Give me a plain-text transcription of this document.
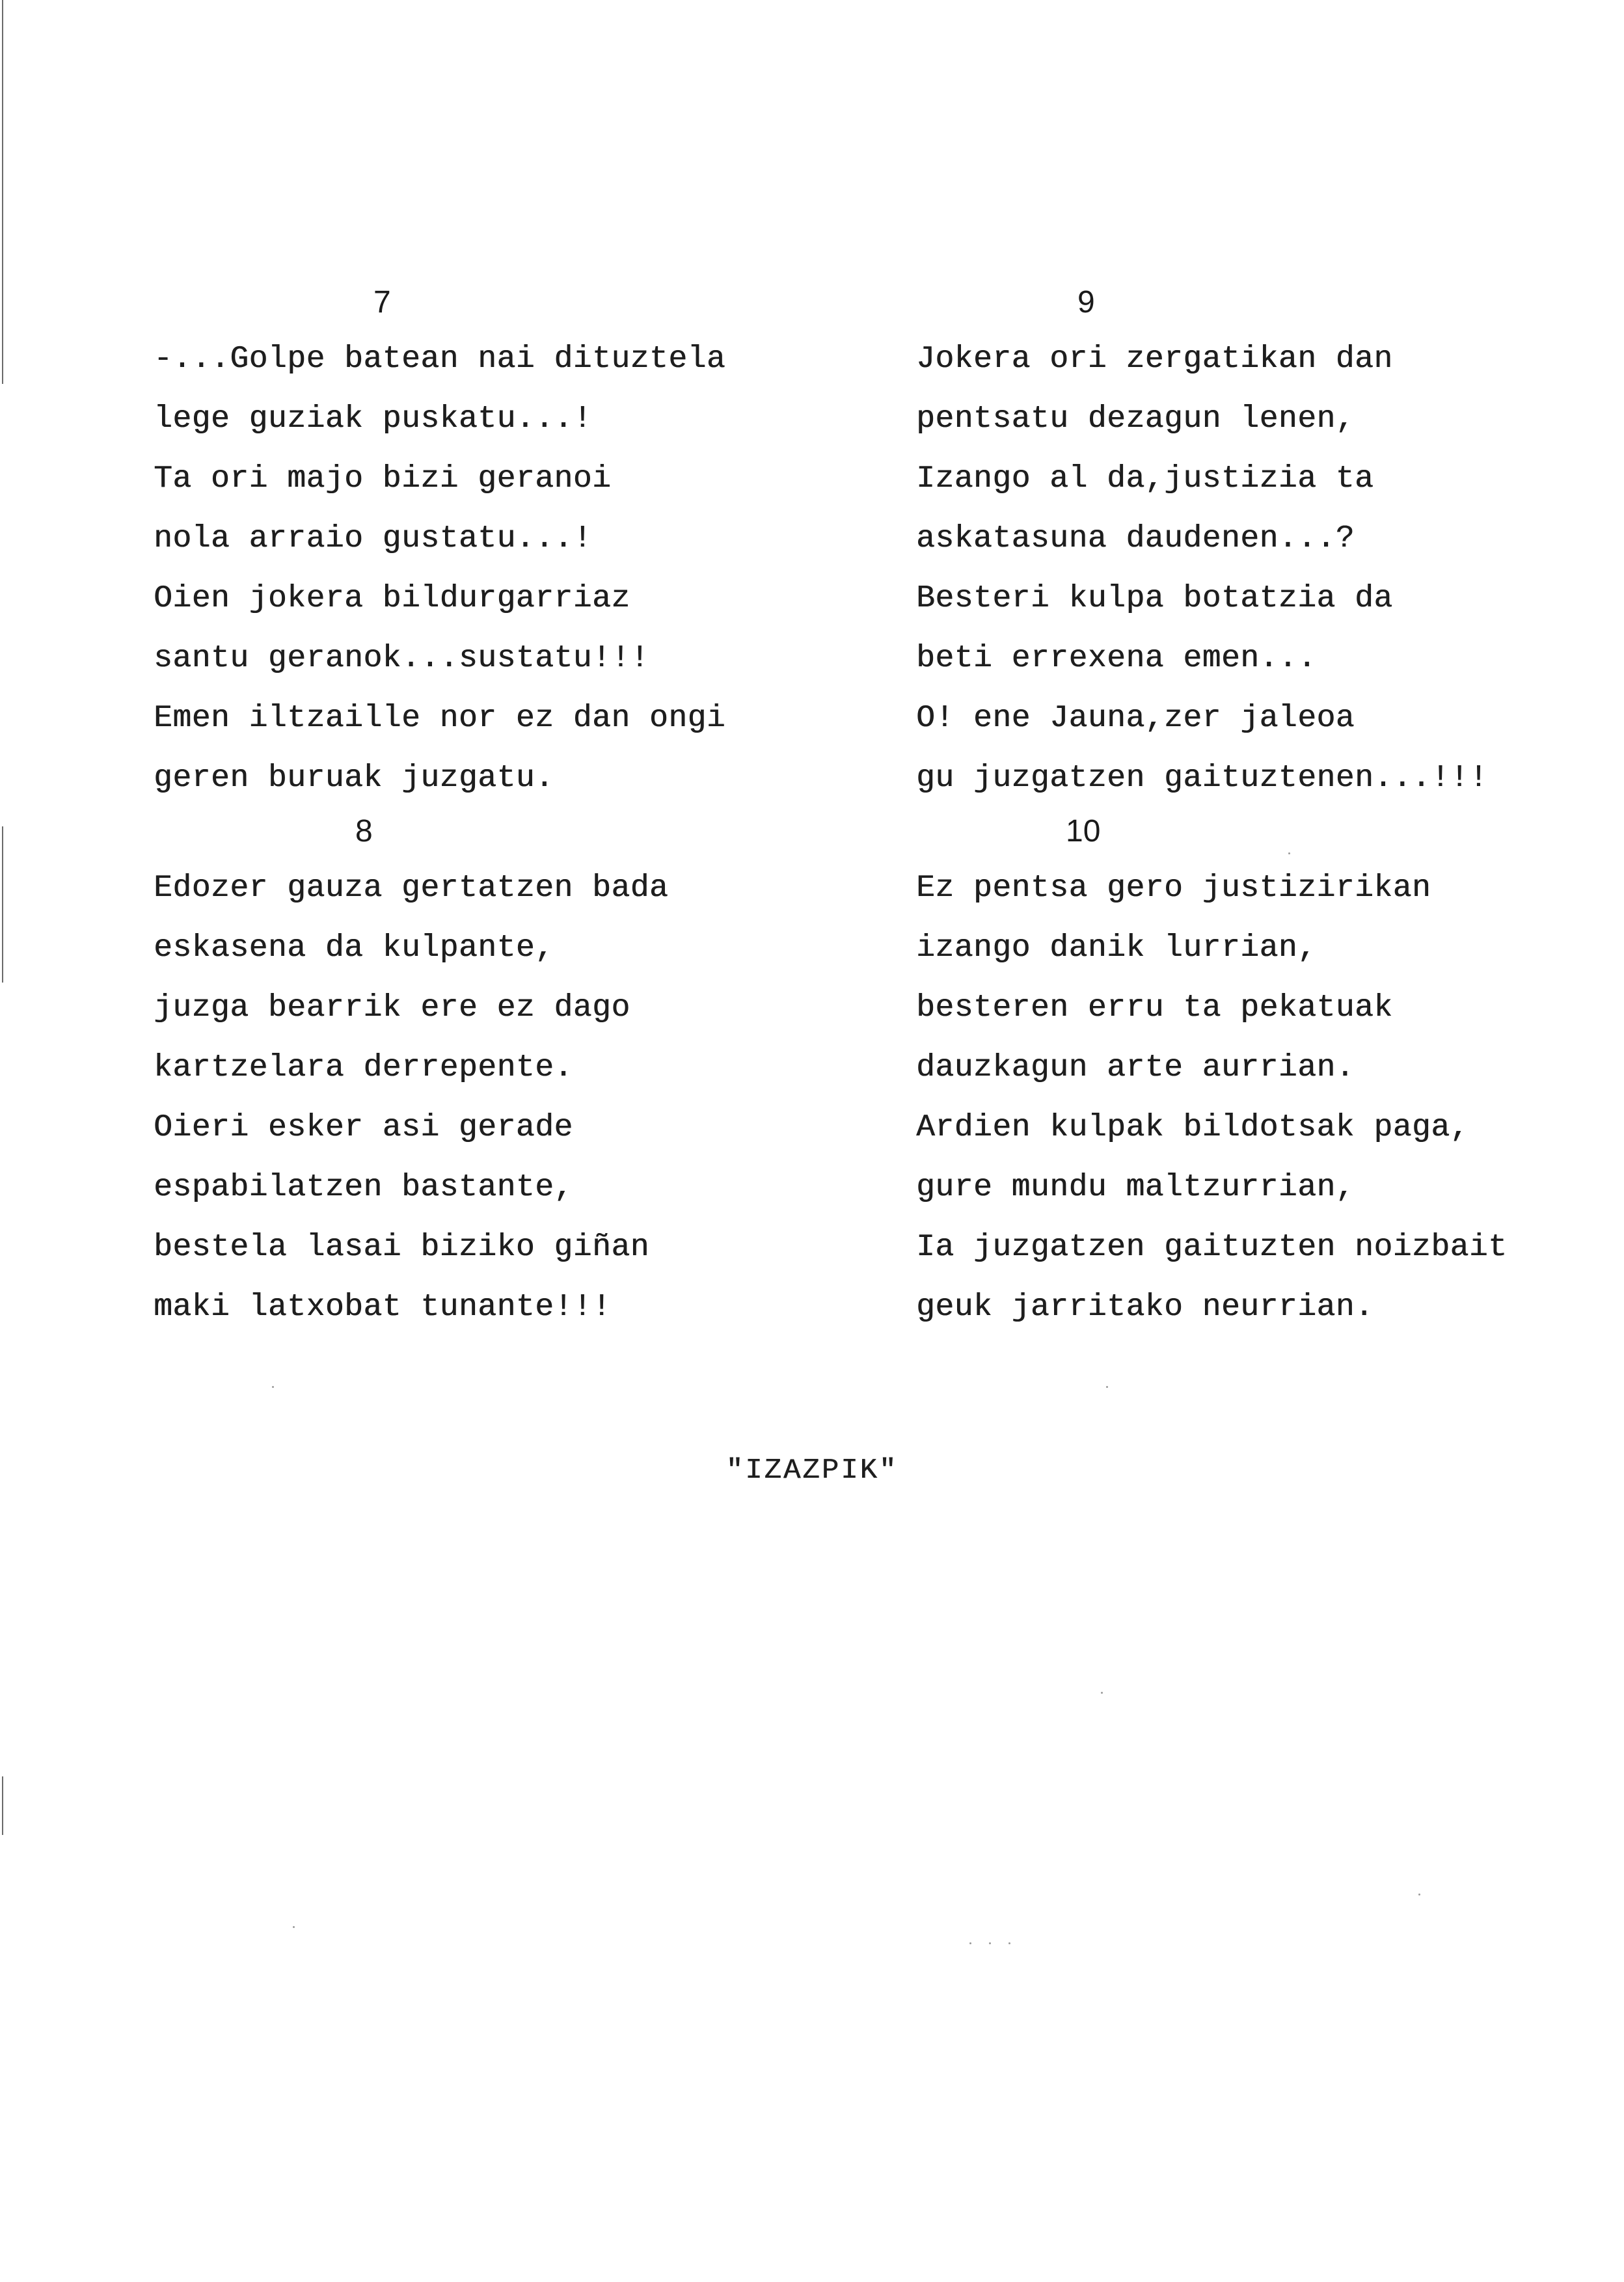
7
-...Golpe batean nai dituztela
lege guziak puskatu...!
Ta ori majo bizi geranoi
nola arraio gustatu...!
Oien jokera bildurgarriaz
santu geranok...sustatu!!!
Emen iltzaille nor ez dan ongi
geren buruak juzgatu.
8
Edozer gauza gertatzen bada
eskasena da kulpante,
juzga bearrik ere ez dago
kartzelara derrepente.
Oieri esker asi gerade
espabilatzen bastante,
bestela lasai biziko giñan
maki latxobat tunante!!!
9
Jokera ori zergatikan dan
pentsatu dezagun lenen,
Izango al da,justizia ta
askatasuna daudenen...?
Besteri kulpa botatzia da
beti errexena emen...
O! ene Jauna,zer jaleoa
gu juzgatzen gaituztenen...!!!
10
Ez pentsa gero justizirikan
izango danik lurrian,
besteren erru ta pekatuak
dauzkagun arte aurrian.
Ardien kulpak bildotsak paga,
gure mundu maltzurrian,
Ia juzgatzen gaituzten noizbait
geuk jarritako neurrian.
"IZAZPIK"
